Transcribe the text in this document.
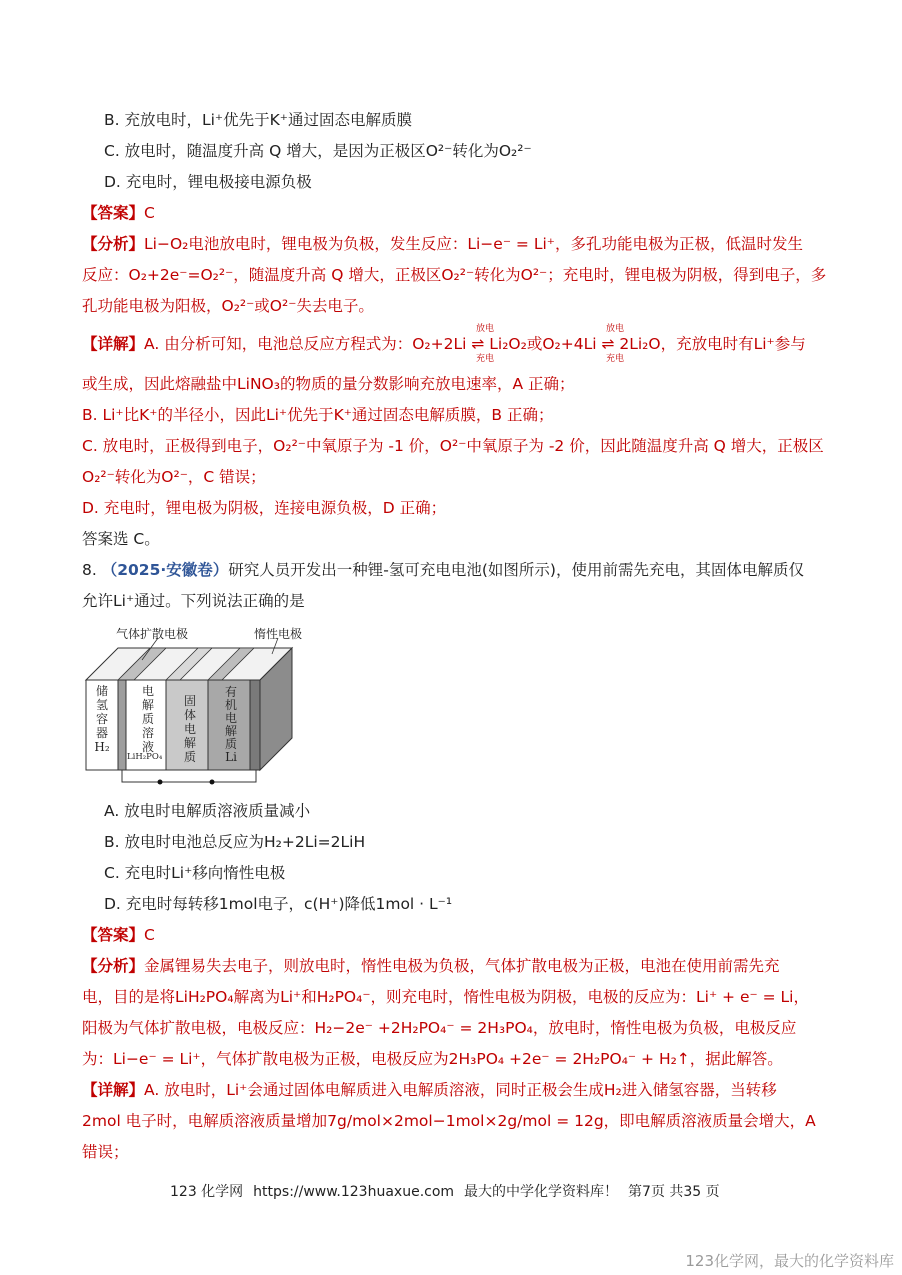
B. 充放电时，Li⁺优先于K⁺通过固态电解质膜
C. 放电时，随温度升高 Q 增大，是因为正极区O²⁻转化为O₂²⁻
D. 充电时，锂电极接电源负极
【答案】C
【分析】Li−O₂电池放电时，锂电极为负极，发生反应：Li−e⁻ = Li⁺，多孔功能电极为正极，低温时发生
反应：O₂+2e⁻=O₂²⁻，随温度升高 Q 增大，正极区O₂²⁻转化为O²⁻；充电时，锂电极为阴极，得到电子，多
孔功能电极为阳极，O₂²⁻或O²⁻失去电子。
【详解】A. 由分析可知，电池总反应方程式为：O₂+2Li ⇌ Li₂O₂或O₂+4Li ⇌ 2Li₂O，充放电时有Li⁺参与
放电
充电
放电
充电
或生成，因此熔融盐中LiNO₃的物质的量分数影响充放电速率，A 正确；
B. Li⁺比K⁺的半径小，因此Li⁺优先于K⁺通过固态电解质膜，B 正确；
C. 放电时，正极得到电子，O₂²⁻中氧原子为 -1 价，O²⁻中氧原子为 -2 价，因此随温度升高 Q 增大，正极区
O₂²⁻转化为O²⁻，C 错误；
D. 充电时，锂电极为阴极，连接电源负极，D 正确；
答案选 C。
8. （2025·安徽卷）研究人员开发出一种锂-氢可充电电池(如图所示)，使用前需先充电，其固体电解质仅
允许Li⁺通过。下列说法正确的是
气体扩散电极	惰性电极
储
氢
容
器
H₂
电
解
质
溶
液
LiH₂PO₄
固
体
电
解
质
有
机
电
解
质
Li
A. 放电时电解质溶液质量减小
B. 放电时电池总反应为H₂+2Li=2LiH
C. 充电时Li⁺移向惰性电极
D. 充电时每转移1mol电子，c(H⁺)降低1mol · L⁻¹
【答案】C
【分析】金属锂易失去电子，则放电时，惰性电极为负极，气体扩散电极为正极，电池在使用前需先充
电，目的是将LiH₂PO₄解离为Li⁺和H₂PO₄⁻，则充电时，惰性电极为阴极，电极的反应为：Li⁺ + e⁻ = Li，
阳极为气体扩散电极，电极反应：H₂−2e⁻ +2H₂PO₄⁻ = 2H₃PO₄，放电时，惰性电极为负极，电极反应
为：Li−e⁻ = Li⁺，气体扩散电极为正极，电极反应为2H₃PO₄ +2e⁻ = 2H₂PO₄⁻ + H₂↑，据此解答。
【详解】A. 放电时，Li⁺会通过固体电解质进入电解质溶液，同时正极会生成H₂进入储氢容器，当转移
2mol 电子时，电解质溶液质量增加7g/mol×2mol−1mol×2g/mol = 12g，即电解质溶液质量会增大，A
错误；
123 化学网 https://www.123huaxue.com 最大的中学化学资料库！ 第7页 共35 页
123化学网，最大的化学资料库
